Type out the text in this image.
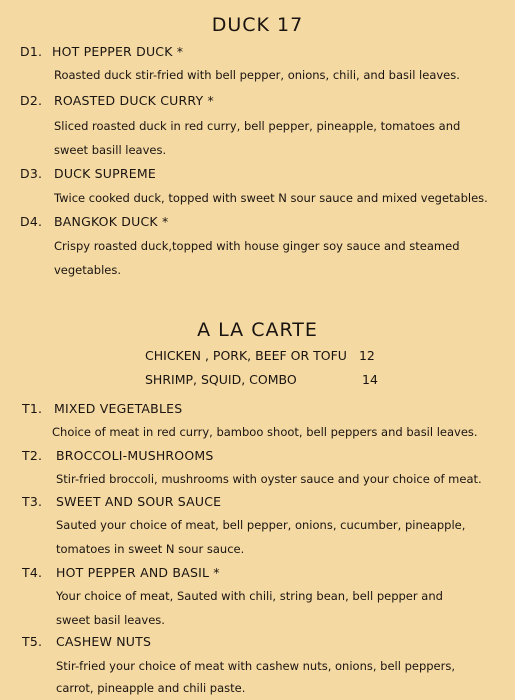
DUCK 17
D1. HOT PEPPER DUCK *
Roasted duck stir-fried with bell pepper, onions, chili, and basil leaves.
D2. ROASTED DUCK CURRY *
Sliced roasted duck in red curry, bell pepper, pineapple, tomatoes and
sweet basill leaves.
D3. DUCK SUPREME
Twice cooked duck, topped with sweet N sour sauce and mixed vegetables.
D4. BANGKOK DUCK *
Crispy roasted duck,topped with house ginger soy sauce and steamed
vegetables.
A LA CARTE
CHICKEN , PORK, BEEF OR TOFU 12
SHRIMP, SQUID, COMBO	14
T1. MIXED VEGETABLES
Choice of meat in red curry, bamboo shoot, bell peppers and basil leaves.
T2. BROCCOLI-MUSHROOMS
Stir-fried broccoli, mushrooms with oyster sauce and your choice of meat.
T3. SWEET AND SOUR SAUCE
Sauted your choice of meat, bell pepper, onions, cucumber, pineapple,
tomatoes in sweet N sour sauce.
T4. HOT PEPPER AND BASIL *
Your choice of meat, Sauted with chili, string bean, bell pepper and
sweet basil leaves.
T5. CASHEW NUTS
Stir-fried your choice of meat with cashew nuts, onions, bell peppers,
carrot, pineapple and chili paste.
